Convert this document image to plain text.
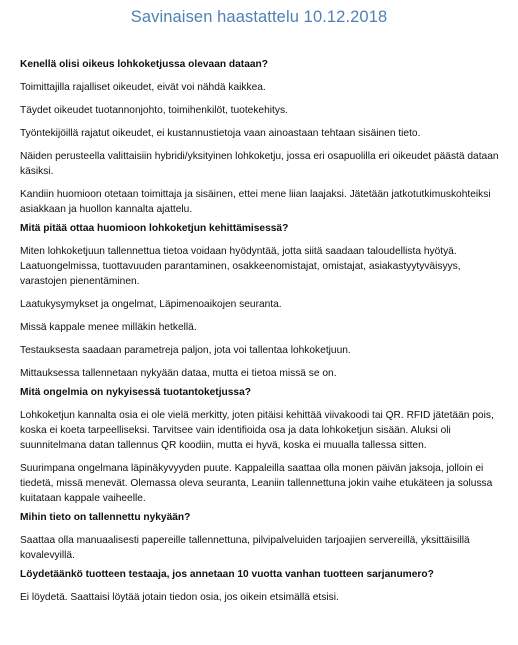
Savinaisen haastattelu 10.12.2018

Kenellä olisi oikeus lohkoketjussa olevaan dataan?

Toimittajilla rajalliset oikeudet, eivät voi nähdä kaikkea.

Täydet oikeudet tuotannonjohto, toimihenkilöt, tuotekehitys.

Työntekijöillä rajatut oikeudet, ei kustannustietoja vaan ainoastaan tehtaan sisäinen tieto.

Näiden perusteella valittaisiin hybridi/yksityinen lohkoketju, jossa eri osapuolilla eri oikeudet päästä dataan käsiksi.

Kandiin huomioon otetaan toimittaja ja sisäinen, ettei mene liian laajaksi. Jätetään jatkotutkimuskohteiksi asiakkaan ja huollon kannalta ajattelu.

Mitä pitää ottaa huomioon lohkoketjun kehittämisessä?

Miten lohkoketjuun tallennettua tietoa voidaan hyödyntää, jotta siitä saadaan taloudellista hyötyä. Laatuongelmissa, tuottavuuden parantaminen, osakkeenomistajat, omistajat, asiakastyytyväisyys, varastojen pienentäminen.

Laatukysymykset ja ongelmat, Läpimenoaikojen seuranta.

Missä kappale menee milläkin hetkellä.

Testauksesta saadaan parametreja paljon, jota voi tallentaa lohkoketjuun.

Mittauksessa tallennetaan nykyään dataa, mutta ei tietoa missä se on.

Mitä ongelmia on nykyisessä tuotantoketjussa?

Lohkoketjun kannalta osia ei ole vielä merkitty, joten pitäisi kehittää viivakoodi tai QR. RFID jätetään pois, koska ei koeta tarpeelliseksi. Tarvitsee vain identifioida osa ja data lohkoketjun sisään. Aluksi oli suunnitelmana datan tallennus QR koodiin, mutta ei hyvä, koska ei muualla tallessa sitten.

Suurimpana ongelmana läpinäkyvyyden puute. Kappaleilla saattaa olla monen päivän jaksoja, jolloin ei tiedetä, missä menevät. Olemassa oleva seuranta, Leaniin tallennettuna jokin vaihe etukäteen ja solussa kuitataan kappale vaiheelle.

Mihin tieto on tallennettu nykyään?

Saattaa olla manuaalisesti papereille tallennettuna, pilvipalveluiden tarjoajien servereillä, yksittäisillä kovalevyillä.

Löydetäänkö tuotteen testaaja, jos annetaan 10 vuotta vanhan tuotteen sarjanumero?

Ei löydetä. Saattaisi löytää jotain tiedon osia, jos oikein etsimällä etsisi.
